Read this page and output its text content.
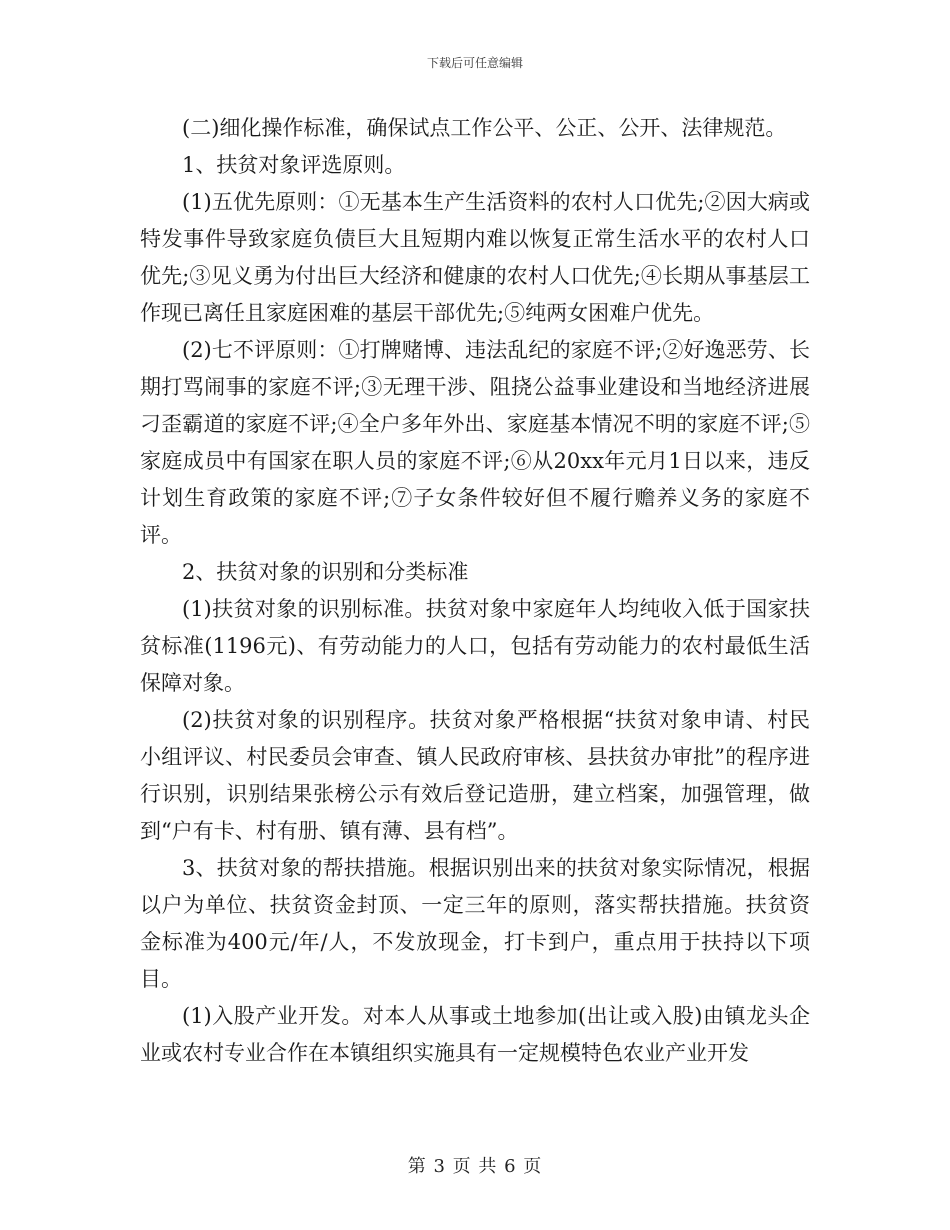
下载后可任意编辑

(二)细化操作标准，确保试点工作公平、公正、公开、法律规范。

1、扶贫对象评选原则。

(1)五优先原则：①无基本生产生活资料的农村人口优先;②因大病或特发事件导致家庭负债巨大且短期内难以恢复正常生活水平的农村人口优先;③见义勇为付出巨大经济和健康的农村人口优先;④长期从事基层工作现已离任且家庭困难的基层干部优先;⑤纯两女困难户优先。

(2)七不评原则：①打牌赌博、违法乱纪的家庭不评;②好逸恶劳、长期打骂闹事的家庭不评;③无理干涉、阻挠公益事业建设和当地经济进展刁歪霸道的家庭不评;④全户多年外出、家庭基本情况不明的家庭不评;⑤家庭成员中有国家在职人员的家庭不评;⑥从20xx年元月1日以来，违反计划生育政策的家庭不评;⑦子女条件较好但不履行赡养义务的家庭不评。

2、扶贫对象的识别和分类标准

(1)扶贫对象的识别标准。扶贫对象中家庭年人均纯收入低于国家扶贫标准(1196元)、有劳动能力的人口，包括有劳动能力的农村最低生活保障对象。

(2)扶贫对象的识别程序。扶贫对象严格根据“扶贫对象申请、村民小组评议、村民委员会审查、镇人民政府审核、县扶贫办审批”的程序进行识别，识别结果张榜公示有效后登记造册，建立档案，加强管理，做到“户有卡、村有册、镇有薄、县有档”。

3、扶贫对象的帮扶措施。根据识别出来的扶贫对象实际情况，根据以户为单位、扶贫资金封顶、一定三年的原则，落实帮扶措施。扶贫资金标准为400元/年/人，不发放现金，打卡到户，重点用于扶持以下项目。

(1)入股产业开发。对本人从事或土地参加(出让或入股)由镇龙头企业或农村专业合作在本镇组织实施具有一定规模特色农业产业开发

第 3 页 共 6 页
